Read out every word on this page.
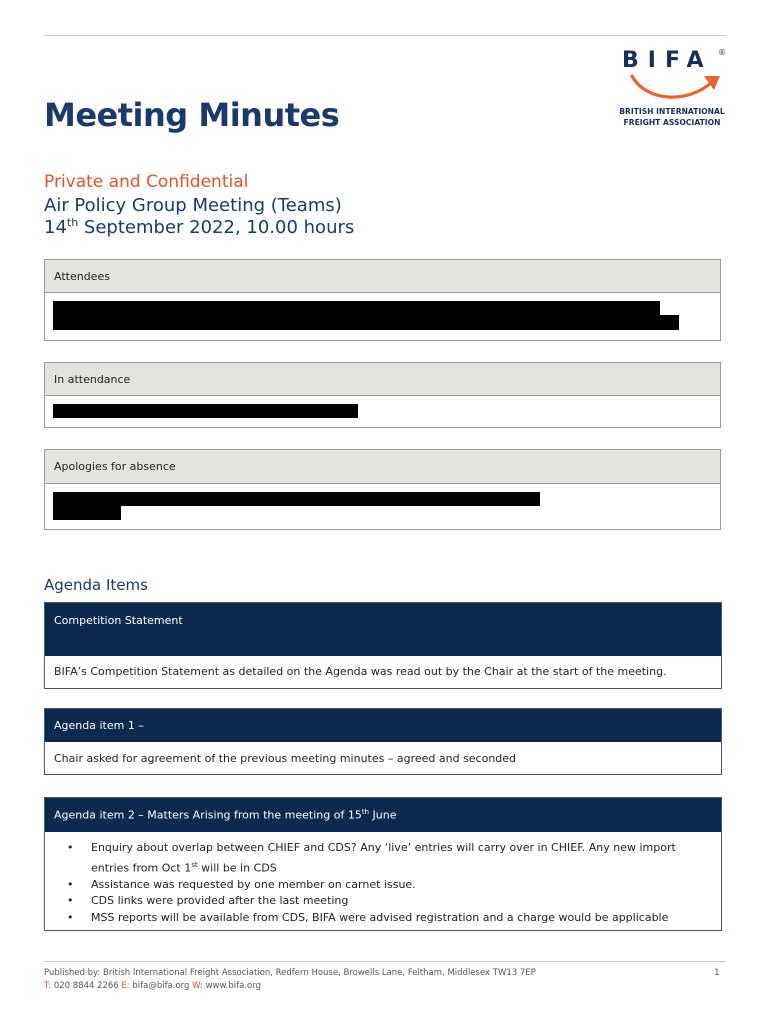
BIFA ®
BRITISH INTERNATIONAL
FREIGHT ASSOCIATION
Meeting Minutes
Private and Confidential
Air Policy Group Meeting (Teams)
14th September 2022, 10.00 hours
Attendees
In attendance
Apologies for absence
Agenda Items
Competition Statement
BIFA’s Competition Statement as detailed on the Agenda was read out by the Chair at the start of the meeting.
Agenda item 1 –
Chair asked for agreement of the previous meeting minutes – agreed and seconded
Agenda item 2 – Matters Arising from the meeting of 15th June
• Enquiry about overlap between CHIEF and CDS? Any ‘live’ entries will carry over in CHIEF. Any new import
entries from Oct 1st will be in CDS
• Assistance was requested by one member on carnet issue.
• CDS links were provided after the last meeting
• MSS reports will be available from CDS, BIFA were advised registration and a charge would be applicable
Published by: British International Freight Association, Redfern House, Browells Lane, Feltham, Middlesex TW13 7EP
T: 020 8844 2266 E: bifa@bifa.org W: www.bifa.org
1
